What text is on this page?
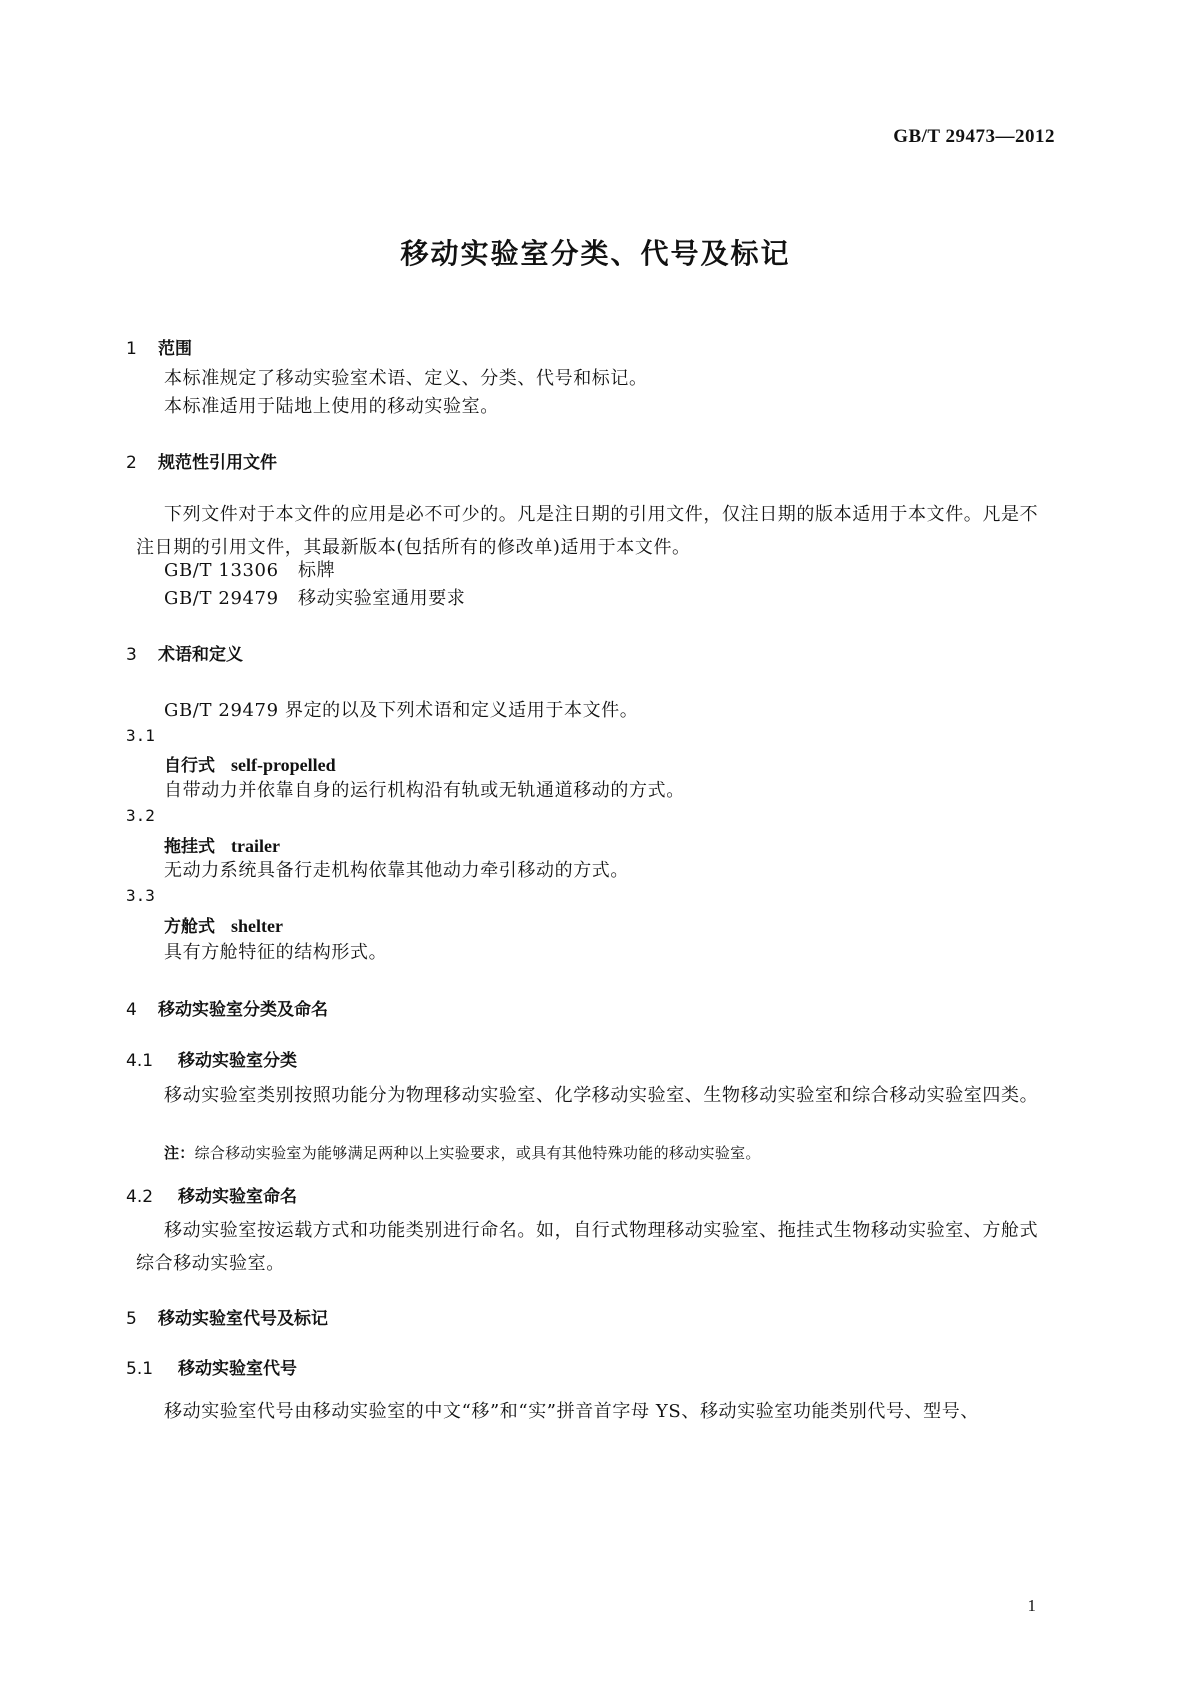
GB/T 29473—2012
移动实验室分类、代号及标记
1 范围
本标准规定了移动实验室术语、定义、分类、代号和标记。
本标准适用于陆地上使用的移动实验室。
2 规范性引用文件
下列文件对于本文件的应用是必不可少的。凡是注日期的引用文件，仅注日期的版本适用于本文件。凡是不注日期的引用文件，其最新版本(包括所有的修改单)适用于本文件。
GB/T 13306 标牌
GB/T 29479 移动实验室通用要求
3 术语和定义
GB/T 29479 界定的以及下列术语和定义适用于本文件。
3.1
自行式 self-propelled
自带动力并依靠自身的运行机构沿有轨或无轨通道移动的方式。
3.2
拖挂式 trailer
无动力系统具备行走机构依靠其他动力牵引移动的方式。
3.3
方舱式 shelter
具有方舱特征的结构形式。
4 移动实验室分类及命名
4.1 移动实验室分类
移动实验室类别按照功能分为物理移动实验室、化学移动实验室、生物移动实验室和综合移动实验室四类。
注：综合移动实验室为能够满足两种以上实验要求，或具有其他特殊功能的移动实验室。
4.2 移动实验室命名
移动实验室按运载方式和功能类别进行命名。如，自行式物理移动实验室、拖挂式生物移动实验室、方舱式综合移动实验室。
5 移动实验室代号及标记
5.1 移动实验室代号
移动实验室代号由移动实验室的中文“移”和“实”拼音首字母 YS、移动实验室功能类别代号、型号、
1
